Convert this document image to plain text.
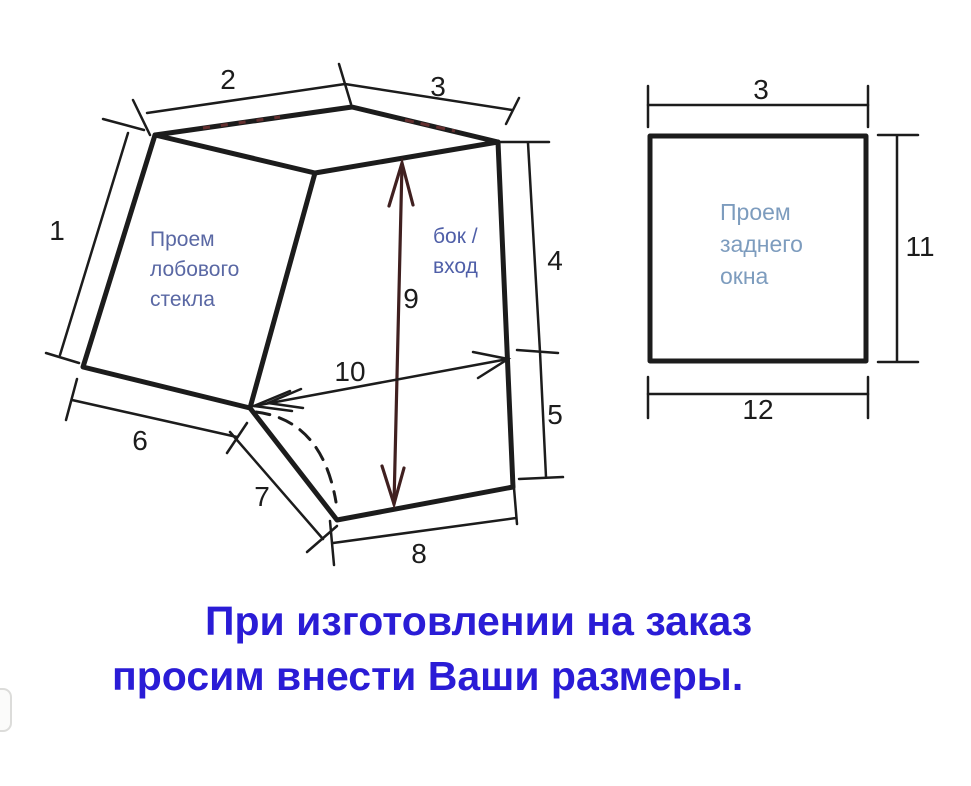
1
2	3
4
5
6
7
8
9
10
Проем
лобового
стекла
бок /
вход
3
11
12
Проем
заднего
окна
При изготовлении на заказ
просим внести Ваши размеры.
